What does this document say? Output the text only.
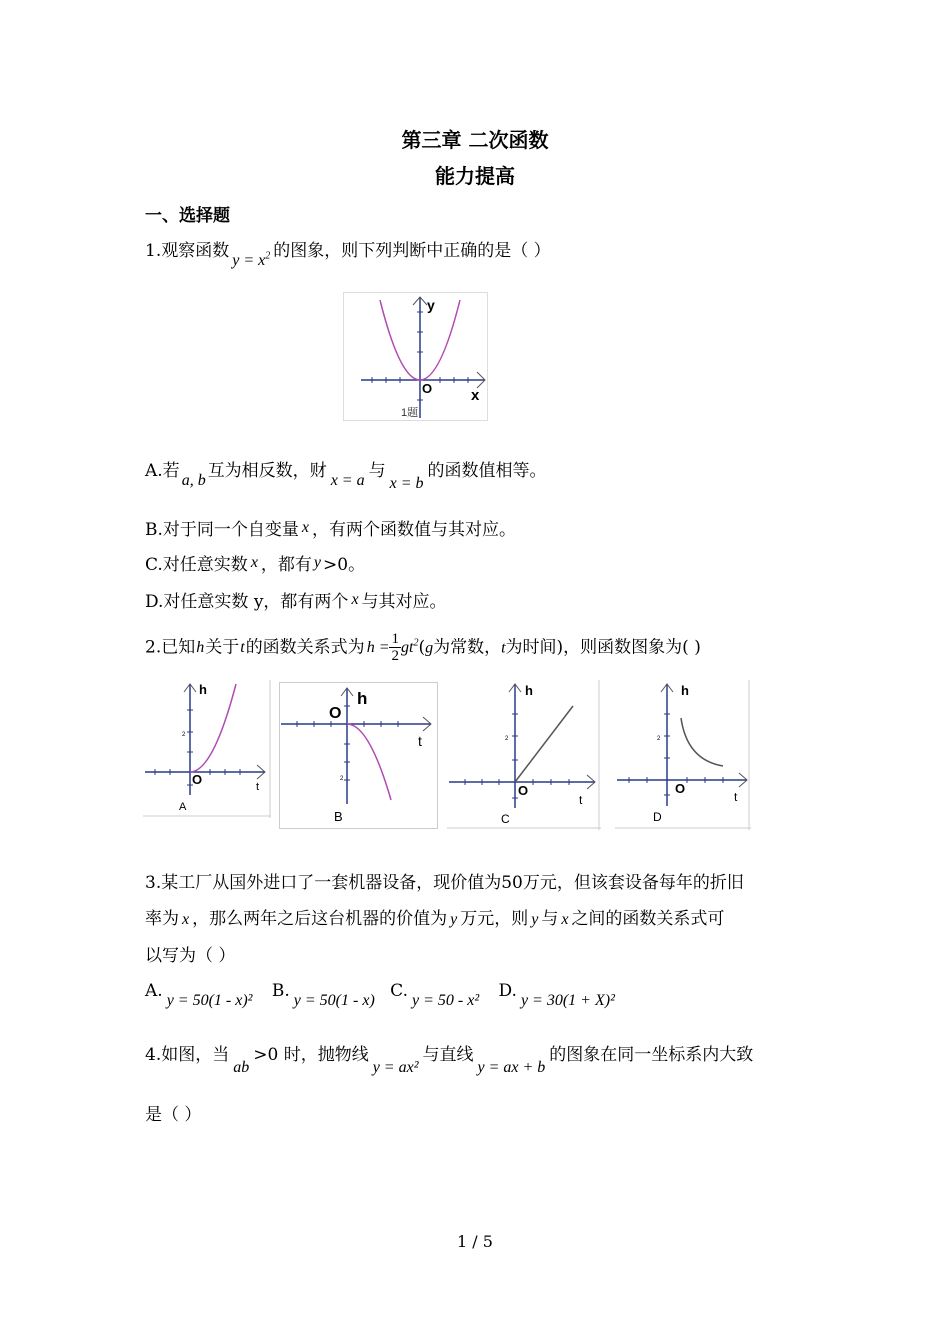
第三章 二次函数
能力提高
一、选择题
1.观察函数 $y = x^2$ 的图象，则下列判断中正确的是（ ）
y
x
O
1题
A.若 a, b 互为相反数，财 x = a 与x = b的函数值相等。
B.对于同一个自变量 x ，有两个函数值与其对应。
C.对任意实数 x ，都有 y >0。
D.对任意实数 y，都有两个 x 与其对应。
2.已知h关于t的函数关系式为 $h = \frac{1}{2} gt^2(g$为常数，t为时间)，则函数图象为( )
h
t
O
2
A
h
t
O
2
B
h
t
O
2
C
h
t
O
2
D
3.某工厂从国外进口了一套机器设备，现价值为50万元，但该套设备每年的折旧
率为 x ，那么两年之后这台机器的价值为 y 万元，则 y 与 x 之间的函数关系式可
以写为（ ）
A. y = 50(1 - x)² B. y = 50(1 - x) C. y = 50 - x² D. y = 30(1 + X)²
4.如图，当ab>0 时，抛物线y = ax²与直线y = ax + b的图象在同一坐标系内大致
是（ ）
1 / 5
